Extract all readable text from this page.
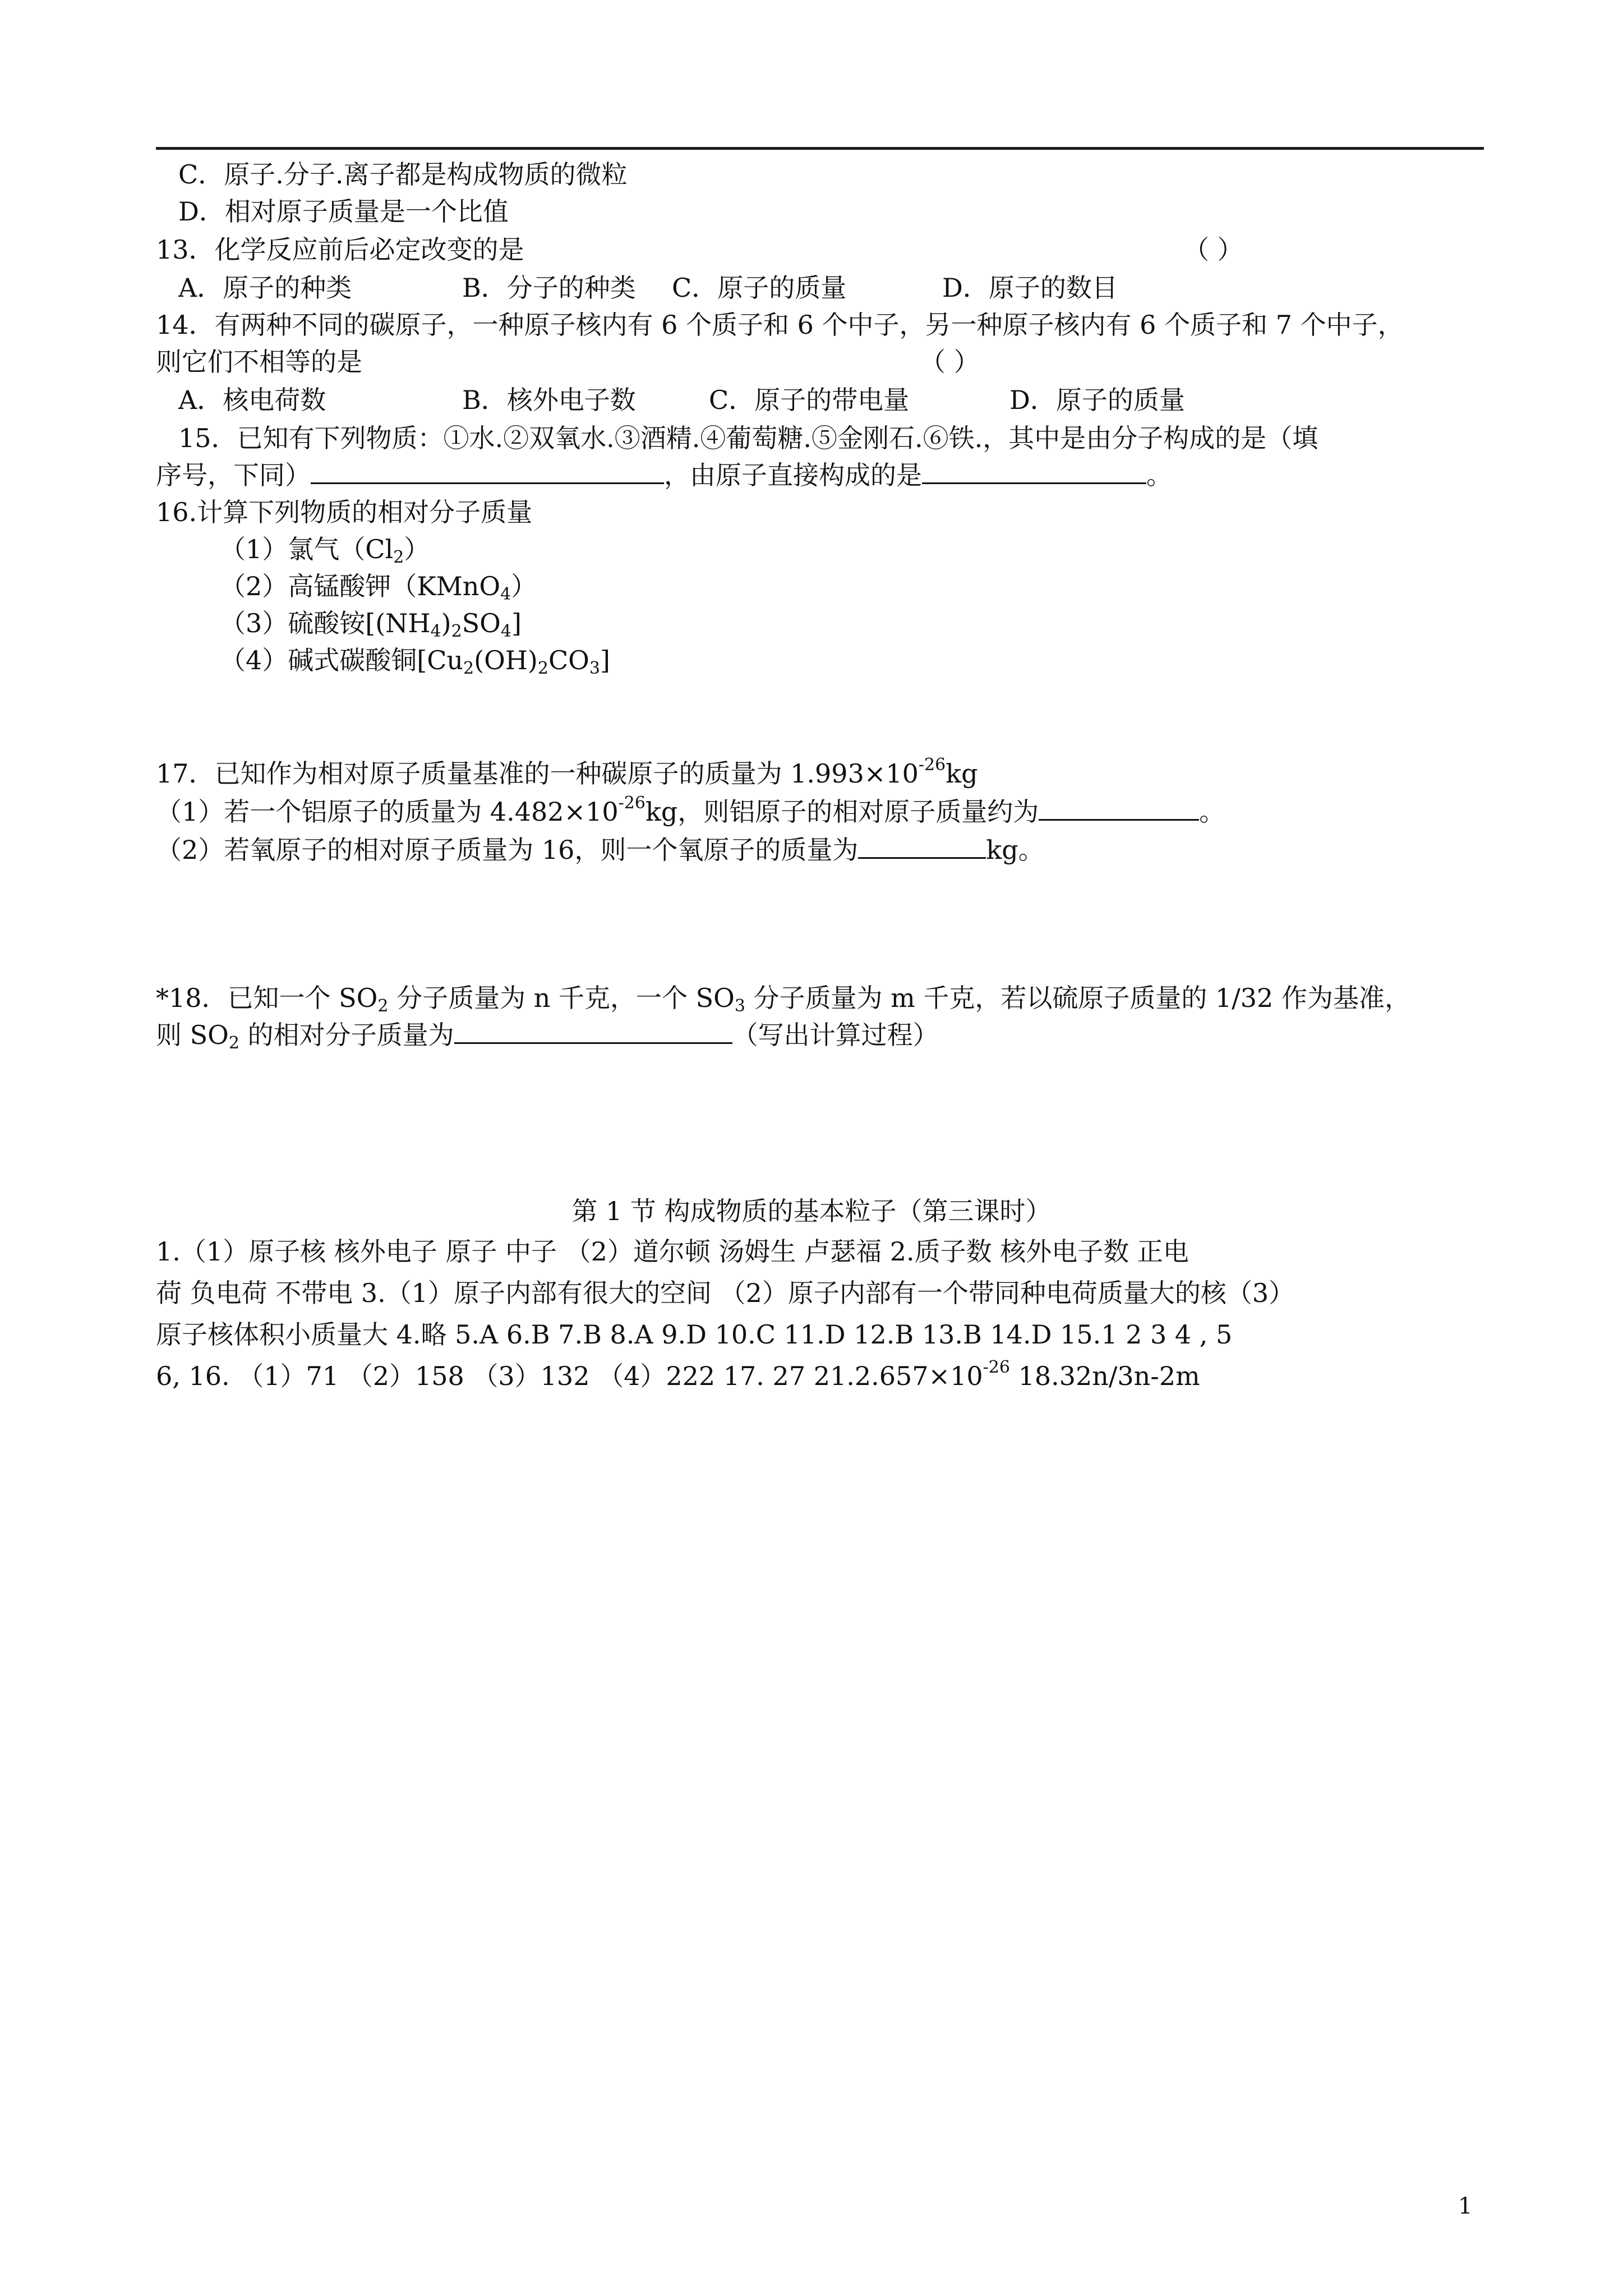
C．原子.分子.离子都是构成物质的微粒
D．相对原子质量是一个比值
13．化学反应前后必定改变的是	（ ）
A．原子的种类	B．分子的种类 C．原子的质量	D．原子的数目
14．有两种不同的碳原子，一种原子核内有 6 个质子和 6 个中子，另一种原子核内有 6 个质子和 7 个中子，
则它们不相等的是	（ ）
A．核电荷数	B．核外电子数	C．原子的带电量	D．原子的质量
15．已知有下列物质：①水.②双氧水.③酒精.④葡萄糖.⑤金刚石.⑥铁.，其中是由分子构成的是（填
序号，下同）	，由原子直接构成的是	。
16.计算下列物质的相对分子质量
（1）氯气$(Cl_2)$
（2）高锰酸钾（KMnO$_4$）
（3）硫酸铵$[(NH_4)_2SO_4]$
（4）碱式碳酸铜$[Cu_2(OH)_2CO_3]$
17．已知作为相对原子质量基准的一种碳原子的质量为 $1.993\times 10^{-26}kg$
（1）若一个铝原子的质量为 $4.482\times 10^{-26}kg$，则铝原子的相对原子质量约为	。
（2）若氧原子的相对原子质量为 16，则一个氧原子的质量为	kg。
*18．已知一个 $SO_2$ 分子质量为 n 千克，一个 $SO_3$ 分子质量为 m 千克，若以硫原子质量的 1/32 作为基准，
则 $SO_2$ 的相对分子质量为	（写出计算过程）
第 1 节 构成物质的基本粒子（第三课时）
1.（1）原子核 核外电子 原子 中子 （2）道尔顿 汤姆生 卢瑟福 2.质子数 核外电子数 正电
荷 负电荷 不带电 3.（1）原子内部有很大的空间 （2）原子内部有一个带同种电荷质量大的核（3）
原子核体积小质量大 4.略 5.A 6.B 7.B 8.A 9.D 10.C 11.D 12.B 13.B 14.D 15.1 2 3 4 , 5
6, 16. （1）71 （2）158 （3）132 （4）222 17. 27 $21.2.657\times 10^{-26}$ 18.32n/3n-2m
1
